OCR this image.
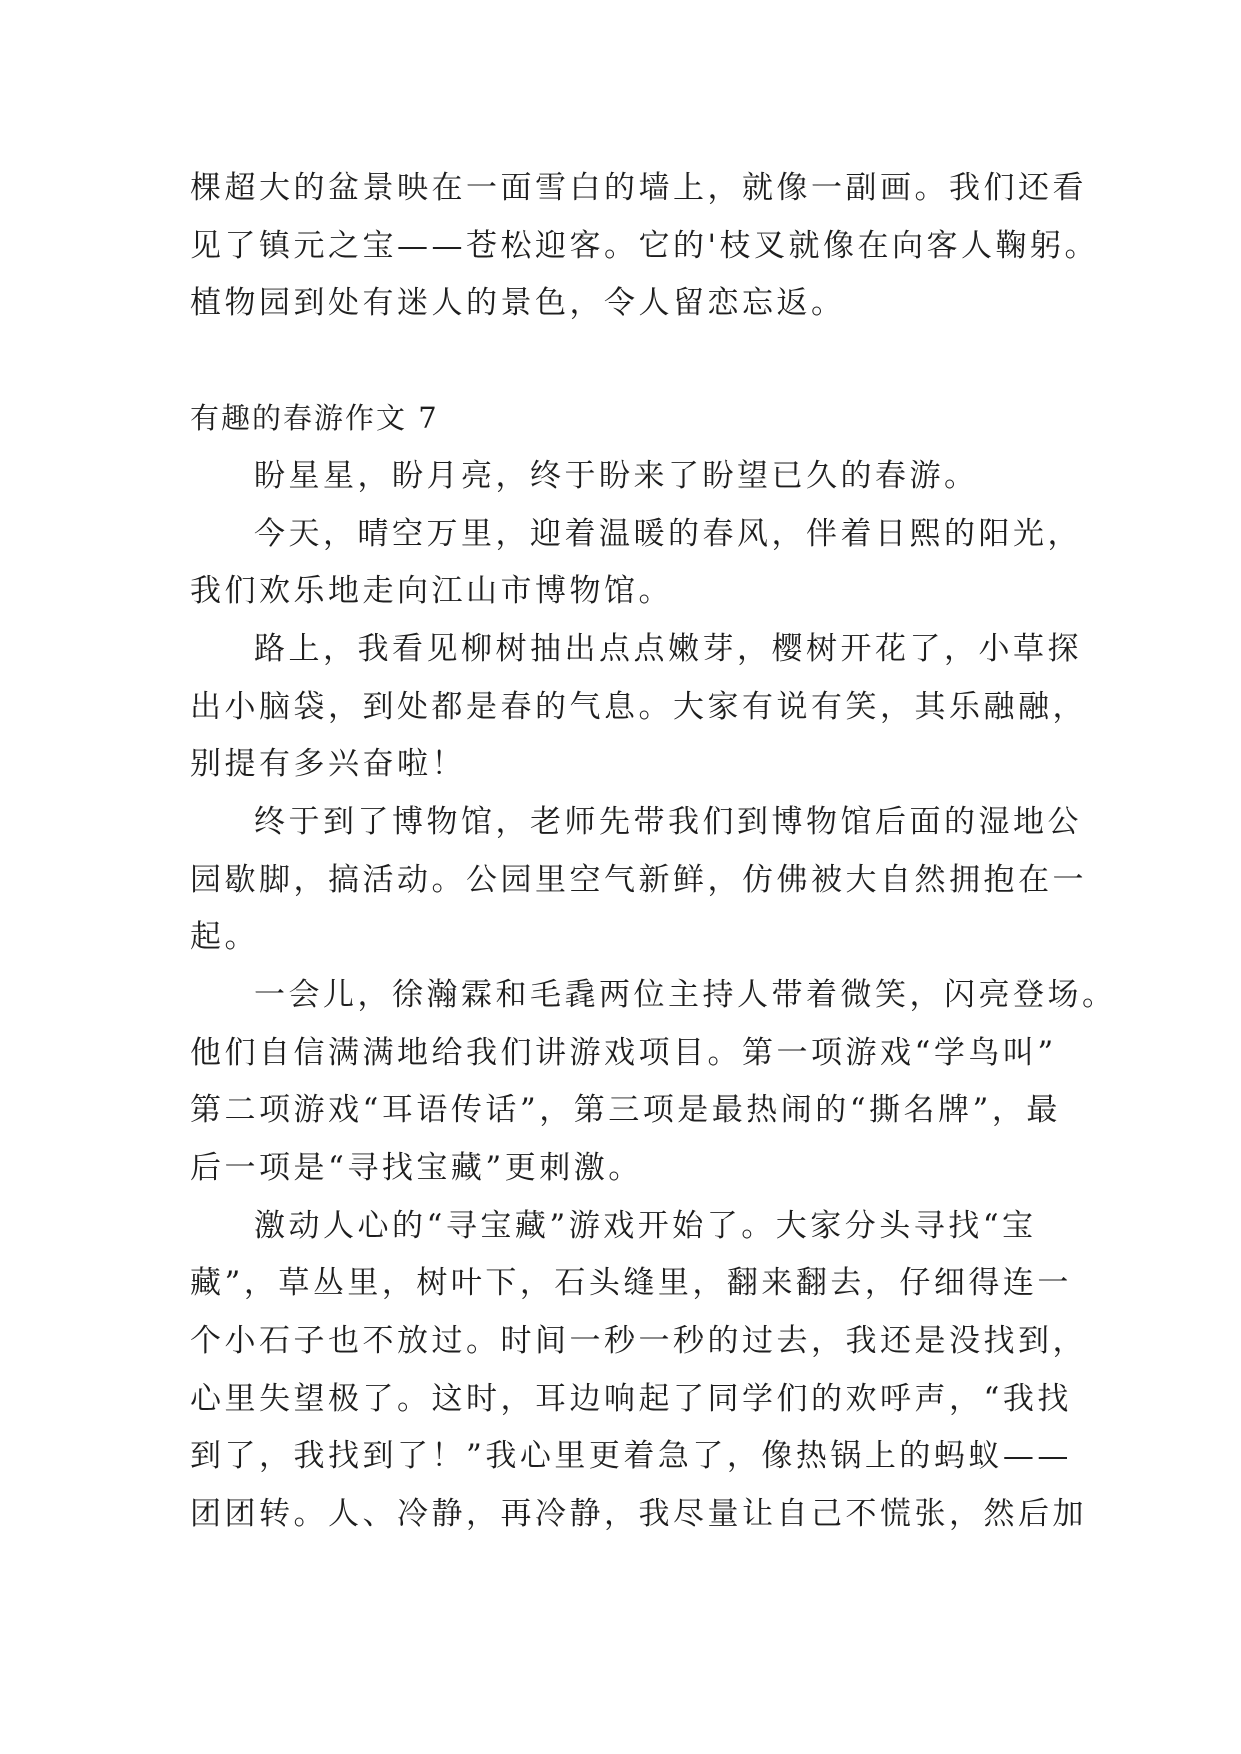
棵超大的盆景映在一面雪白的墙上，就像一副画。我们还看
见了镇元之宝——苍松迎客。它的'枝叉就像在向客人鞠躬。
植物园到处有迷人的景色，令人留恋忘返。
有趣的春游作文 7
盼星星，盼月亮，终于盼来了盼望已久的春游。
今天，晴空万里，迎着温暖的春风，伴着日熙的阳光，
我们欢乐地走向江山市博物馆。
路上，我看见柳树抽出点点嫩芽，樱树开花了，小草探
出小脑袋，到处都是春的气息。大家有说有笑，其乐融融，
别提有多兴奋啦！
终于到了博物馆，老师先带我们到博物馆后面的湿地公
园歇脚，搞活动。公园里空气新鲜，仿佛被大自然拥抱在一
起。
一会儿，徐瀚霖和毛毳两位主持人带着微笑，闪亮登场。
他们自信满满地给我们讲游戏项目。第一项游戏“学鸟叫”
第二项游戏“耳语传话”，第三项是最热闹的“撕名牌”，最
后一项是“寻找宝藏”更刺激。
激动人心的“寻宝藏”游戏开始了。大家分头寻找“宝
藏”，草丛里，树叶下，石头缝里，翻来翻去，仔细得连一
个小石子也不放过。时间一秒一秒的过去，我还是没找到，
心里失望极了。这时，耳边响起了同学们的欢呼声，“我找
到了，我找到了！”我心里更着急了，像热锅上的蚂蚁——
团团转。人、冷静，再冷静，我尽量让自己不慌张，然后加
